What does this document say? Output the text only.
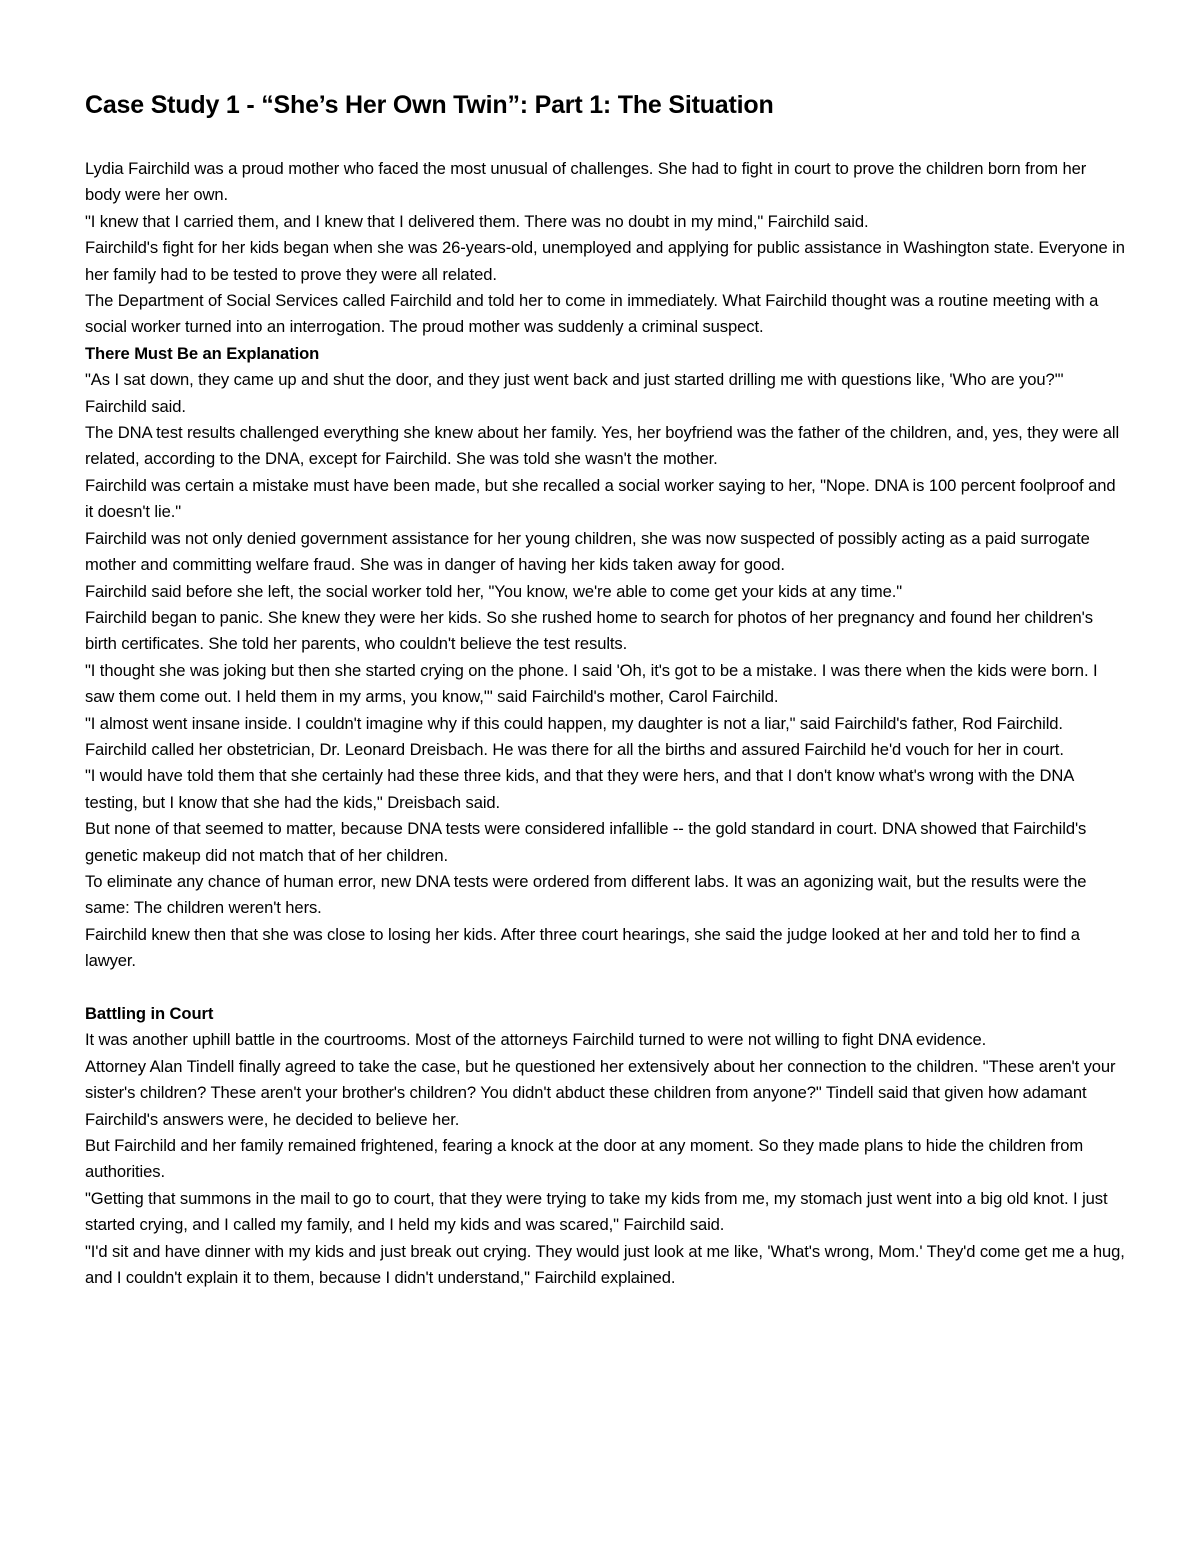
Case Study 1 - “She’s Her Own Twin”: Part 1: The Situation

Lydia Fairchild was a proud mother who faced the most unusual of challenges. She had to fight in court to prove the children born from her body were her own.

"I knew that I carried them, and I knew that I delivered them. There was no doubt in my mind," Fairchild said.

Fairchild's fight for her kids began when she was 26-years-old, unemployed and applying for public assistance in Washington state. Everyone in her family had to be tested to prove they were all related.

The Department of Social Services called Fairchild and told her to come in immediately. What Fairchild thought was a routine meeting with a social worker turned into an interrogation. The proud mother was suddenly a criminal suspect.

There Must Be an Explanation

"As I sat down, they came up and shut the door, and they just went back and just started drilling me with questions like, 'Who are you?'" Fairchild said.

The DNA test results challenged everything she knew about her family. Yes, her boyfriend was the father of the children, and, yes, they were all related, according to the DNA, except for Fairchild. She was told she wasn't the mother.

Fairchild was certain a mistake must have been made, but she recalled a social worker saying to her, "Nope. DNA is 100 percent foolproof and it doesn't lie."

Fairchild was not only denied government assistance for her young children, she was now suspected of possibly acting as a paid surrogate mother and committing welfare fraud. She was in danger of having her kids taken away for good.

Fairchild said before she left, the social worker told her, "You know, we're able to come get your kids at any time."

Fairchild began to panic. She knew they were her kids. So she rushed home to search for photos of her pregnancy and found her children's birth certificates. She told her parents, who couldn't believe the test results.

"I thought she was joking but then she started crying on the phone. I said 'Oh, it's got to be a mistake. I was there when the kids were born. I saw them come out. I held them in my arms, you know,'" said Fairchild's mother, Carol Fairchild.

"I almost went insane inside. I couldn't imagine why if this could happen, my daughter is not a liar," said Fairchild's father, Rod Fairchild.

Fairchild called her obstetrician, Dr. Leonard Dreisbach. He was there for all the births and assured Fairchild he'd vouch for her in court.

"I would have told them that she certainly had these three kids, and that they were hers, and that I don't know what's wrong with the DNA testing, but I know that she had the kids," Dreisbach said.

But none of that seemed to matter, because DNA tests were considered infallible -- the gold standard in court. DNA showed that Fairchild's genetic makeup did not match that of her children.

To eliminate any chance of human error, new DNA tests were ordered from different labs. It was an agonizing wait, but the results were the same: The children weren't hers.

Fairchild knew then that she was close to losing her kids. After three court hearings, she said the judge looked at her and told her to find a lawyer.

Battling in Court

It was another uphill battle in the courtrooms. Most of the attorneys Fairchild turned to were not willing to fight DNA evidence.

Attorney Alan Tindell finally agreed to take the case, but he questioned her extensively about her connection to the children. "These aren't your sister's children? These aren't your brother's children? You didn't abduct these children from anyone?" Tindell said that given how adamant Fairchild's answers were, he decided to believe her.

But Fairchild and her family remained frightened, fearing a knock at the door at any moment. So they made plans to hide the children from authorities.

"Getting that summons in the mail to go to court, that they were trying to take my kids from me, my stomach just went into a big old knot. I just started crying, and I called my family, and I held my kids and was scared," Fairchild said.

"I'd sit and have dinner with my kids and just break out crying. They would just look at me like, 'What's wrong, Mom.' They'd come get me a hug, and I couldn't explain it to them, because I didn't understand," Fairchild explained.
